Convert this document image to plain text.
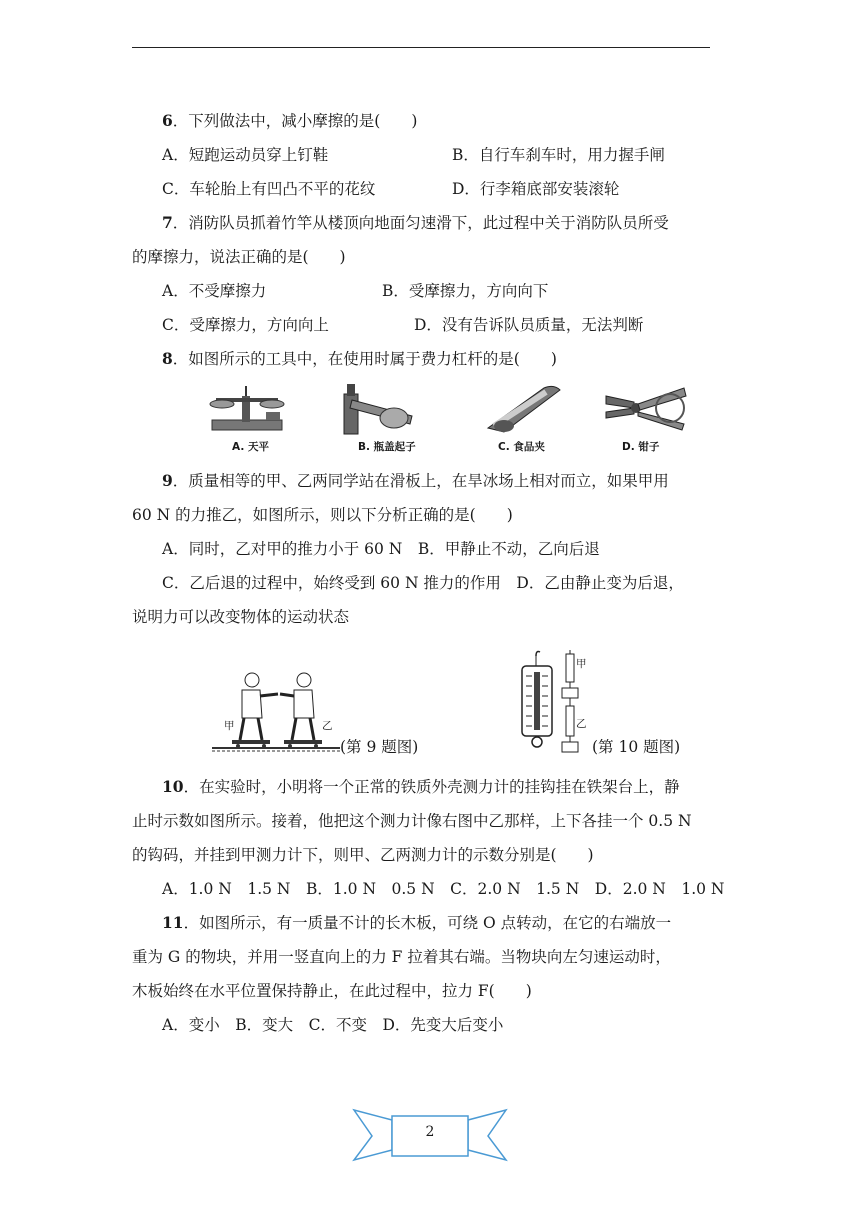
6．下列做法中，减小摩擦的是(　　)
A．短跑运动员穿上钉鞋	B．自行车刹车时，用力握手闸
C．车轮胎上有凹凸不平的花纹	D．行李箱底部安装滚轮
7．消防队员抓着竹竿从楼顶向地面匀速滑下，此过程中关于消防队员所受
的摩擦力，说法正确的是(　　)
A．不受摩擦力	B．受摩擦力，方向向下
C．受摩擦力，方向向上	D．没有告诉队员质量，无法判断
8．如图所示的工具中，在使用时属于费力杠杆的是(　　)
A. 天平	B. 瓶盖起子	C. 食品夹	D. 钳子
9．质量相等的甲、乙两同学站在滑板上，在旱冰场上相对而立，如果甲用
60 N 的力推乙，如图所示，则以下分析正确的是(　　)
A．同时，乙对甲的推力小于 60 N　B．甲静止不动，乙向后退
C．乙后退的过程中，始终受到 60 N 推力的作用　D．乙由静止变为后退，
说明力可以改变物体的运动状态
甲	乙
(第 9 题图)
甲
乙
(第 10 题图)
10．在实验时，小明将一个正常的铁质外壳测力计的挂钩挂在铁架台上，静
止时示数如图所示。接着，他把这个测力计像右图中乙那样，上下各挂一个 0.5 N
的钩码，并挂到甲测力计下，则甲、乙两测力计的示数分别是(　　)
A．1.0 N　1.5 N　B．1.0 N　0.5 N　C．2.0 N　1.5 N　D．2.0 N　1.0 N
11．如图所示，有一质量不计的长木板，可绕 O 点转动，在它的右端放一
重为 G 的物块，并用一竖直向上的力 F 拉着其右端。当物块向左匀速运动时，
木板始终在水平位置保持静止，在此过程中，拉力 F(　　)
A．变小　B．变大　C．不变　D．先变大后变小
2
